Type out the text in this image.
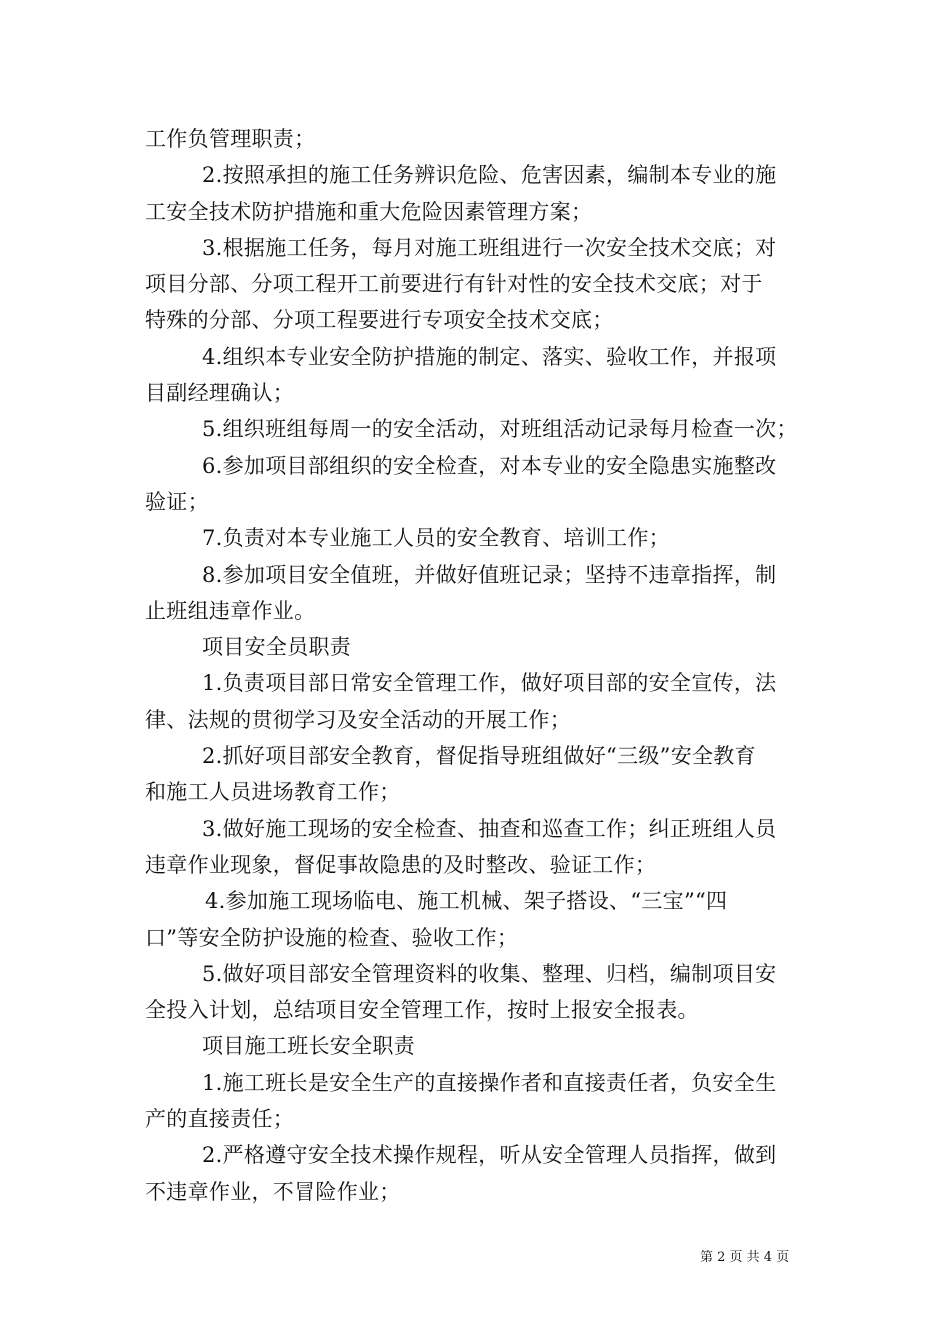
工作负管理职责；
2.按照承担的施工任务辨识危险、危害因素，编制本专业的施
工安全技术防护措施和重大危险因素管理方案；
3.根据施工任务，每月对施工班组进行一次安全技术交底；对
项目分部、分项工程开工前要进行有针对性的安全技术交底；对于
特殊的分部、分项工程要进行专项安全技术交底；
4.组织本专业安全防护措施的制定、落实、验收工作，并报项
目副经理确认；
5.组织班组每周一的安全活动，对班组活动记录每月检查一次；
6.参加项目部组织的安全检查，对本专业的安全隐患实施整改
验证；
7.负责对本专业施工人员的安全教育、培训工作；
8.参加项目安全值班，并做好值班记录；坚持不违章指挥，制
止班组违章作业。
项目安全员职责
1.负责项目部日常安全管理工作，做好项目部的安全宣传，法
律、法规的贯彻学习及安全活动的开展工作；
2.抓好项目部安全教育，督促指导班组做好“三级”安全教育
和施工人员进场教育工作；
3.做好施工现场的安全检查、抽查和巡查工作；纠正班组人员
违章作业现象，督促事故隐患的及时整改、验证工作；
4.参加施工现场临电、施工机械、架子搭设、“三宝”“四
口”等安全防护设施的检查、验收工作；
5.做好项目部安全管理资料的收集、整理、归档，编制项目安
全投入计划，总结项目安全管理工作，按时上报安全报表。
项目施工班长安全职责
1.施工班长是安全生产的直接操作者和直接责任者，负安全生
产的直接责任；
2.严格遵守安全技术操作规程，听从安全管理人员指挥，做到
不违章作业，不冒险作业；
第 2 页 共 4 页
